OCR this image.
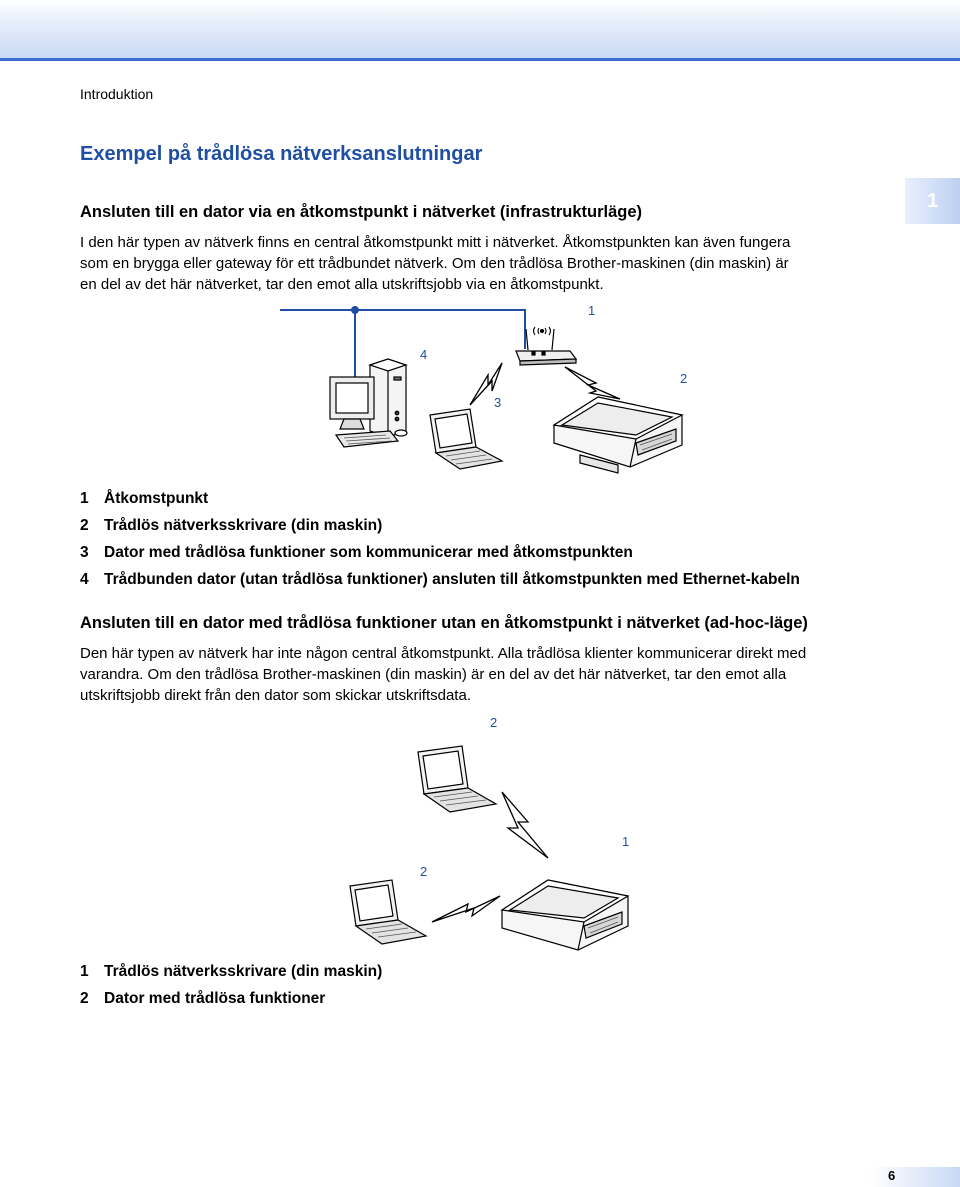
Introduktion
Exempel på trådlösa nätverksanslutningar
1
Ansluten till en dator via en åtkomstpunkt i nätverket (infrastrukturläge)

I den här typen av nätverk finns en central åtkomstpunkt mitt i nätverket. Åtkomstpunkten kan även fungera
som en brygga eller gateway för ett trådbundet nätverk. Om den trådlösa Brother-maskinen (din maskin) är
en del av det här nätverket, tar den emot alla utskriftsjobb via en åtkomstpunkt.

1
2
3
4
1 Åtkomstpunkt
2 Trådlös nätverksskrivare (din maskin)
3 Dator med trådlösa funktioner som kommunicerar med åtkomstpunkten
4 Trådbunden dator (utan trådlösa funktioner) ansluten till åtkomstpunkten med Ethernet-kabeln
Ansluten till en dator med trådlösa funktioner utan en åtkomstpunkt i nätverket (ad-hoc-läge)

Den här typen av nätverk har inte någon central åtkomstpunkt. Alla trådlösa klienter kommunicerar direkt med
varandra. Om den trådlösa Brother-maskinen (din maskin) är en del av det här nätverket, tar den emot alla
utskriftsjobb direkt från den dator som skickar utskriftsdata.

2
2
1
1 Trådlös nätverksskrivare (din maskin)
2 Dator med trådlösa funktioner
6
